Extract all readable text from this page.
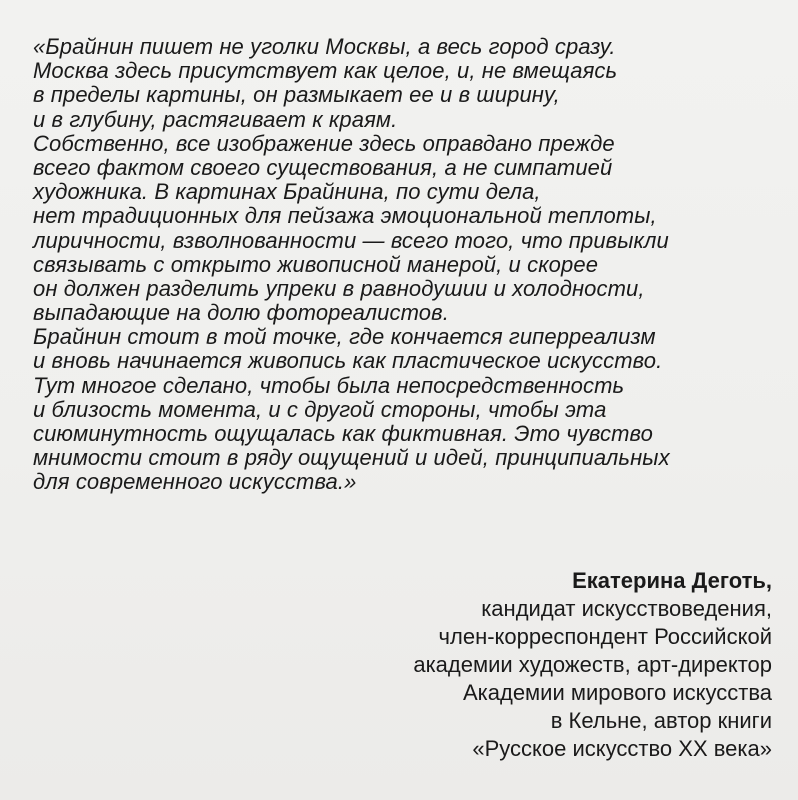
«Брайнин пишет не уголки Москвы, а весь город сразу.
Москва здесь присутствует как целое, и, не вмещаясь
в пределы картины, он размыкает ее и в ширину,
и в глубину, растягивает к краям.
Собственно, все изображение здесь оправдано прежде
всего фактом своего существования, а не симпатией
художника. В картинах Брайнина, по сути дела,
нет традиционных для пейзажа эмоциональной теплоты,
лиричности, взволнованности — всего того, что привыкли
связывать с открыто живописной манерой, и скорее
он должен разделить упреки в равнодушии и холодности,
выпадающие на долю фотореалистов.
Брайнин стоит в той точке, где кончается гиперреализм
и вновь начинается живопись как пластическое искусство.
Тут многое сделано, чтобы была непосредственность
и близость момента, и с другой стороны, чтобы эта
сиюминутность ощущалась как фиктивная. Это чувство
мнимости стоит в ряду ощущений и идей, принципиальных
для современного искусства.»
Екатерина Деготь,
кандидат искусствоведения,
член-корреспондент Российской
академии художеств, арт-директор
Академии мирового искусства
в Кельне, автор книги
«Русское искусство XX века»
